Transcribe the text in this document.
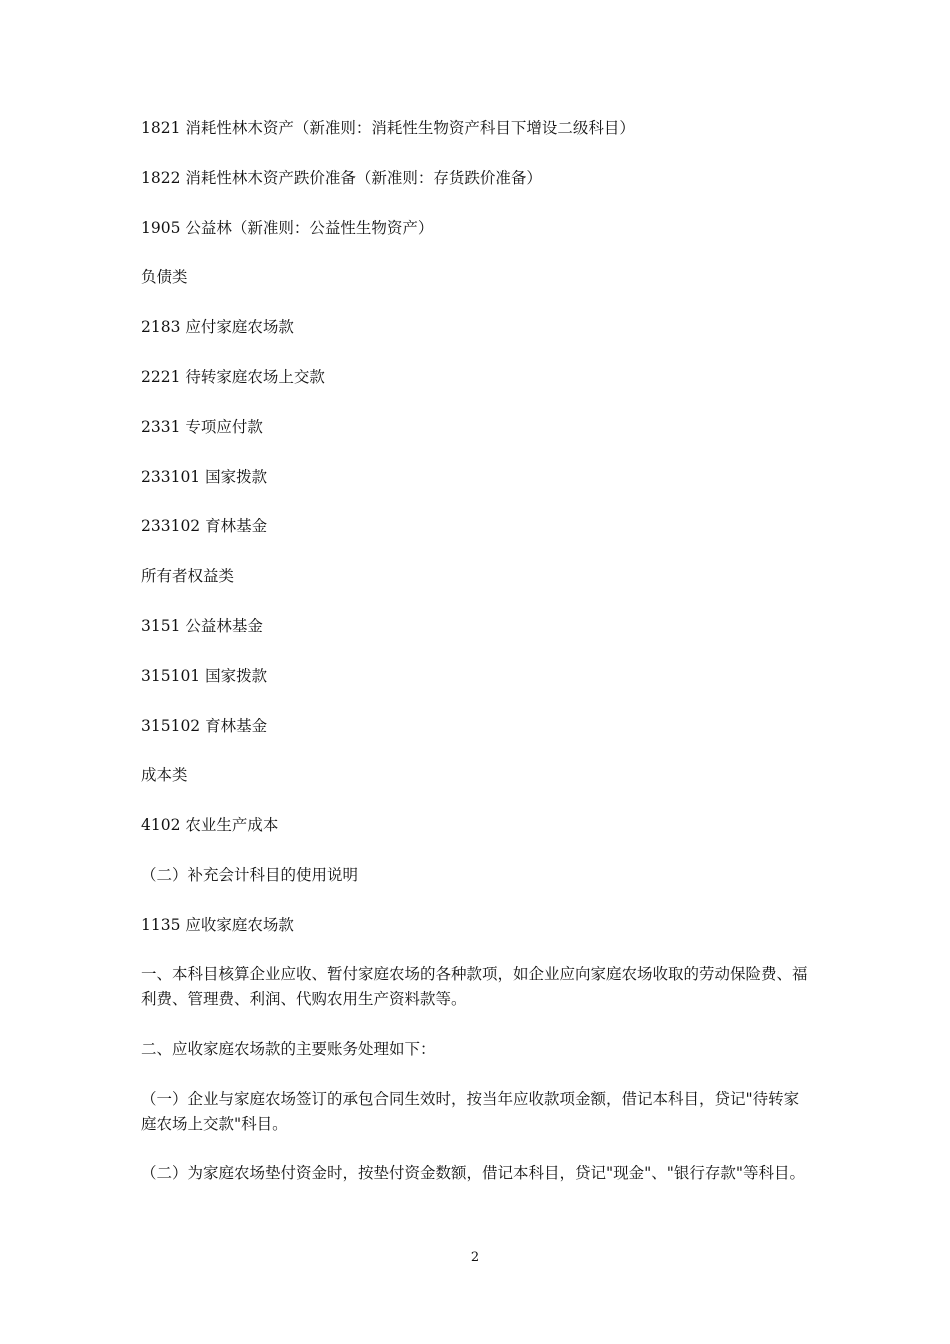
1821 消耗性林木资产（新准则：消耗性生物资产科目下增设二级科目）
1822 消耗性林木资产跌价准备（新准则：存货跌价准备）
1905 公益林（新准则：公益性生物资产）
负债类
2183 应付家庭农场款
2221 待转家庭农场上交款
2331 专项应付款
233101 国家拨款
233102 育林基金
所有者权益类
3151 公益林基金
315101 国家拨款
315102 育林基金
成本类
4102 农业生产成本
（二）补充会计科目的使用说明
1135 应收家庭农场款
一、本科目核算企业应收、暂付家庭农场的各种款项，如企业应向家庭农场收取的劳动保险费、福利费、管理费、利润、代购农用生产资料款等。
二、应收家庭农场款的主要账务处理如下：
（一）企业与家庭农场签订的承包合同生效时，按当年应收款项金额，借记本科目，贷记"待转家庭农场上交款"科目。
（二）为家庭农场垫付资金时，按垫付资金数额，借记本科目，贷记"现金"、"银行存款"等科目。
2
